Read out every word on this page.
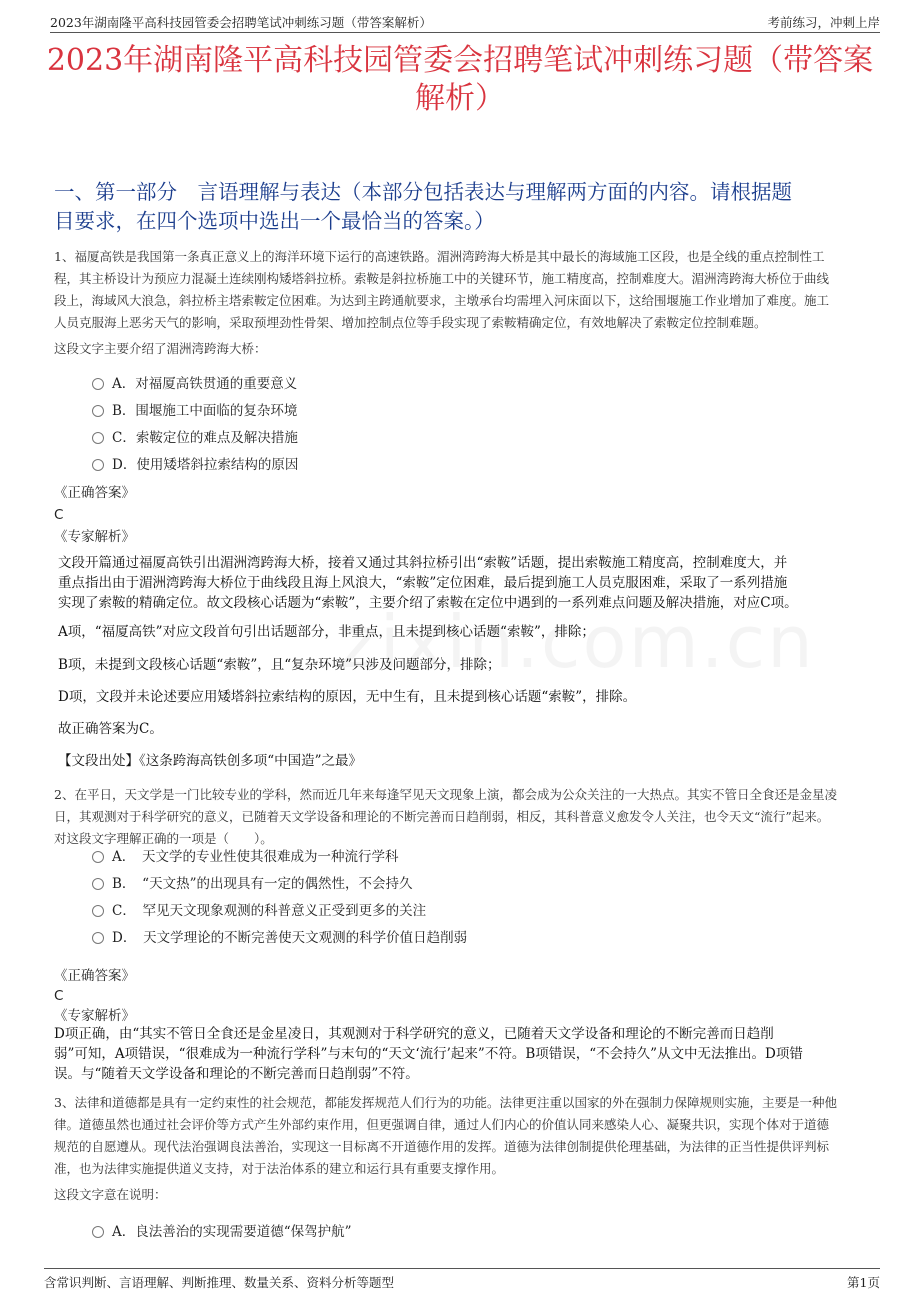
2023年湖南隆平高科技园管委会招聘笔试冲刺练习题（带答案解析）	考前练习，冲刺上岸
2023年湖南隆平高科技园管委会招聘笔试冲刺练习题（带答案
解析）
一、第一部分　言语理解与表达（本部分包括表达与理解两方面的内容。请根据题
目要求，在四个选项中选出一个最恰当的答案。）
1、福厦高铁是我国第一条真正意义上的海洋环境下运行的高速铁路。湄洲湾跨海大桥是其中最长的海域施工区段，也是全线的重点控制性工
程，其主桥设计为预应力混凝土连续刚构矮塔斜拉桥。索鞍是斜拉桥施工中的关键环节，施工精度高，控制难度大。湄洲湾跨海大桥位于曲线
段上，海域风大浪急，斜拉桥主塔索鞍定位困难。为达到主跨通航要求，主墩承台均需埋入河床面以下，这给围堰施工作业增加了难度。施工
人员克服海上恶劣天气的影响，采取预埋劲性骨架、增加控制点位等手段实现了索鞍精确定位，有效地解决了索鞍定位控制难题。
这段文字主要介绍了湄洲湾跨海大桥：
A．对福厦高铁贯通的重要意义
B．围堰施工中面临的复杂环境
C．索鞍定位的难点及解决措施
D．使用矮塔斜拉索结构的原因
《正确答案》
C
《专家解析》
文段开篇通过福厦高铁引出湄洲湾跨海大桥，接着又通过其斜拉桥引出“索鞍”话题，提出索鞍施工精度高，控制难度大，并
重点指出由于湄洲湾跨海大桥位于曲线段且海上风浪大，“索鞍”定位困难，最后提到施工人员克服困难，采取了一系列措施
实现了索鞍的精确定位。故文段核心话题为“索鞍”，主要介绍了索鞍在定位中遇到的一系列难点问题及解决措施，对应C项。
A项，“福厦高铁”对应文段首句引出话题部分，非重点，且未提到核心话题“索鞍”，排除；
B项，未提到文段核心话题“索鞍”，且“复杂环境”只涉及问题部分，排除；
D项，文段并未论述要应用矮塔斜拉索结构的原因，无中生有，且未提到核心话题“索鞍”，排除。
故正确答案为C。
【文段出处】《这条跨海高铁创多项“中国造”之最》
2、在平日，天文学是一门比较专业的学科，然而近几年来每逢罕见天文现象上演，都会成为公众关注的一大热点。其实不管日全食还是金星凌
日，其观测对于科学研究的意义，已随着天文学设备和理论的不断完善而日趋削弱，相反，其科普意义愈发令人关注，也令天文“流行”起来。
对这段文字理解正确的一项是（　　）。
A．　天文学的专业性使其很难成为一种流行学科
B．　“天文热”的出现具有一定的偶然性，不会持久
C．　罕见天文现象观测的科普意义正受到更多的关注
D．　天文学理论的不断完善使天文观测的科学价值日趋削弱
《正确答案》
C
《专家解析》
D项正确，由“其实不管日全食还是金星凌日，其观测对于科学研究的意义，已随着天文学设备和理论的不断完善而日趋削
弱”可知，A项错误，“很难成为一种流行学科”与末句的“天文‘流行’起来”不符。B项错误，“不会持久”从文中无法推出。D项错
误。与“随着天文学设备和理论的不断完善而日趋削弱”不符。
3、法律和道德都是具有一定约束性的社会规范，都能发挥规范人们行为的功能。法律更注重以国家的外在强制力保障规则实施，主要是一种他
律。道德虽然也通过社会评价等方式产生外部约束作用，但更强调自律，通过人们内心的价值认同来感染人心、凝聚共识，实现个体对于道德
规范的自愿遵从。现代法治强调良法善治，实现这一目标离不开道德作用的发挥。道德为法律创制提供伦理基础，为法律的正当性提供评判标
准，也为法律实施提供道义支持，对于法治体系的建立和运行具有重要支撑作用。
这段文字意在说明：
A．良法善治的实现需要道德“保驾护航”
含常识判断、言语理解、判断推理、数量关系、资料分析等题型	第1页
